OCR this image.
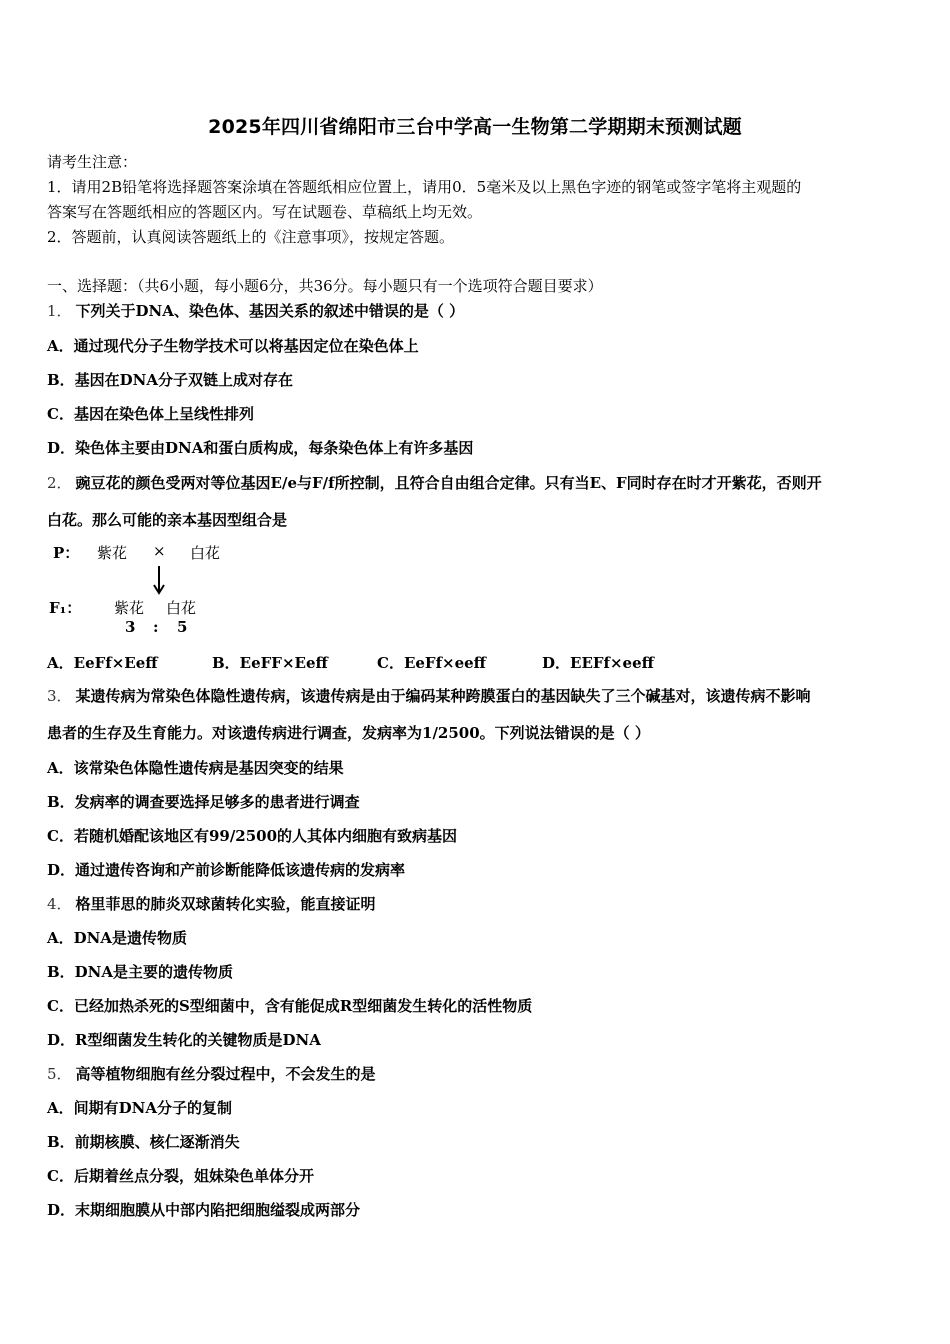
2025年四川省绵阳市三台中学高一生物第二学期期末预测试题
请考生注意：
1．请用2B铅笔将选择题答案涂填在答题纸相应位置上，请用0．5毫米及以上黑色字迹的钢笔或签字笔将主观题的
答案写在答题纸相应的答题区内。写在试题卷、草稿纸上均无效。
2．答题前，认真阅读答题纸上的《注意事项》，按规定答题。
一、选择题：（共6小题，每小题6分，共36分。每小题只有一个选项符合题目要求）
1． 下列关于DNA、染色体、基因关系的叙述中错误的是（ ）
A．通过现代分子生物学技术可以将基因定位在染色体上
B．基因在DNA分子双链上成对存在
C．基因在染色体上呈线性排列
D．染色体主要由DNA和蛋白质构成，每条染色体上有许多基因
2． 豌豆花的颜色受两对等位基因E/e与F/f所控制，且符合自由组合定律。只有当E、F同时存在时才开紫花，否则开
白花。那么可能的亲本基因型组合是
P： 紫花 × 白花
F₁： 紫花 白花
3 : 5
A．EeFf×Eeff	B．EeFF×Eeff	C．EeFf×eeff	D．EEFf×eeff
3． 某遗传病为常染色体隐性遗传病，该遗传病是由于编码某种跨膜蛋白的基因缺失了三个碱基对，该遗传病不影响
患者的生存及生育能力。对该遗传病进行调查，发病率为1/2500。下列说法错误的是（ ）
A．该常染色体隐性遗传病是基因突变的结果
B．发病率的调查要选择足够多的患者进行调查
C．若随机婚配该地区有99/2500的人其体内细胞有致病基因
D．通过遗传咨询和产前诊断能降低该遗传病的发病率
4． 格里菲思的肺炎双球菌转化实验，能直接证明
A．DNA是遗传物质
B．DNA是主要的遗传物质
C．已经加热杀死的S型细菌中，含有能促成R型细菌发生转化的活性物质
D．R型细菌发生转化的关键物质是DNA
5． 高等植物细胞有丝分裂过程中，不会发生的是
A．间期有DNA分子的复制
B．前期核膜、核仁逐渐消失
C．后期着丝点分裂，姐妹染色单体分开
D．末期细胞膜从中部内陷把细胞缢裂成两部分
